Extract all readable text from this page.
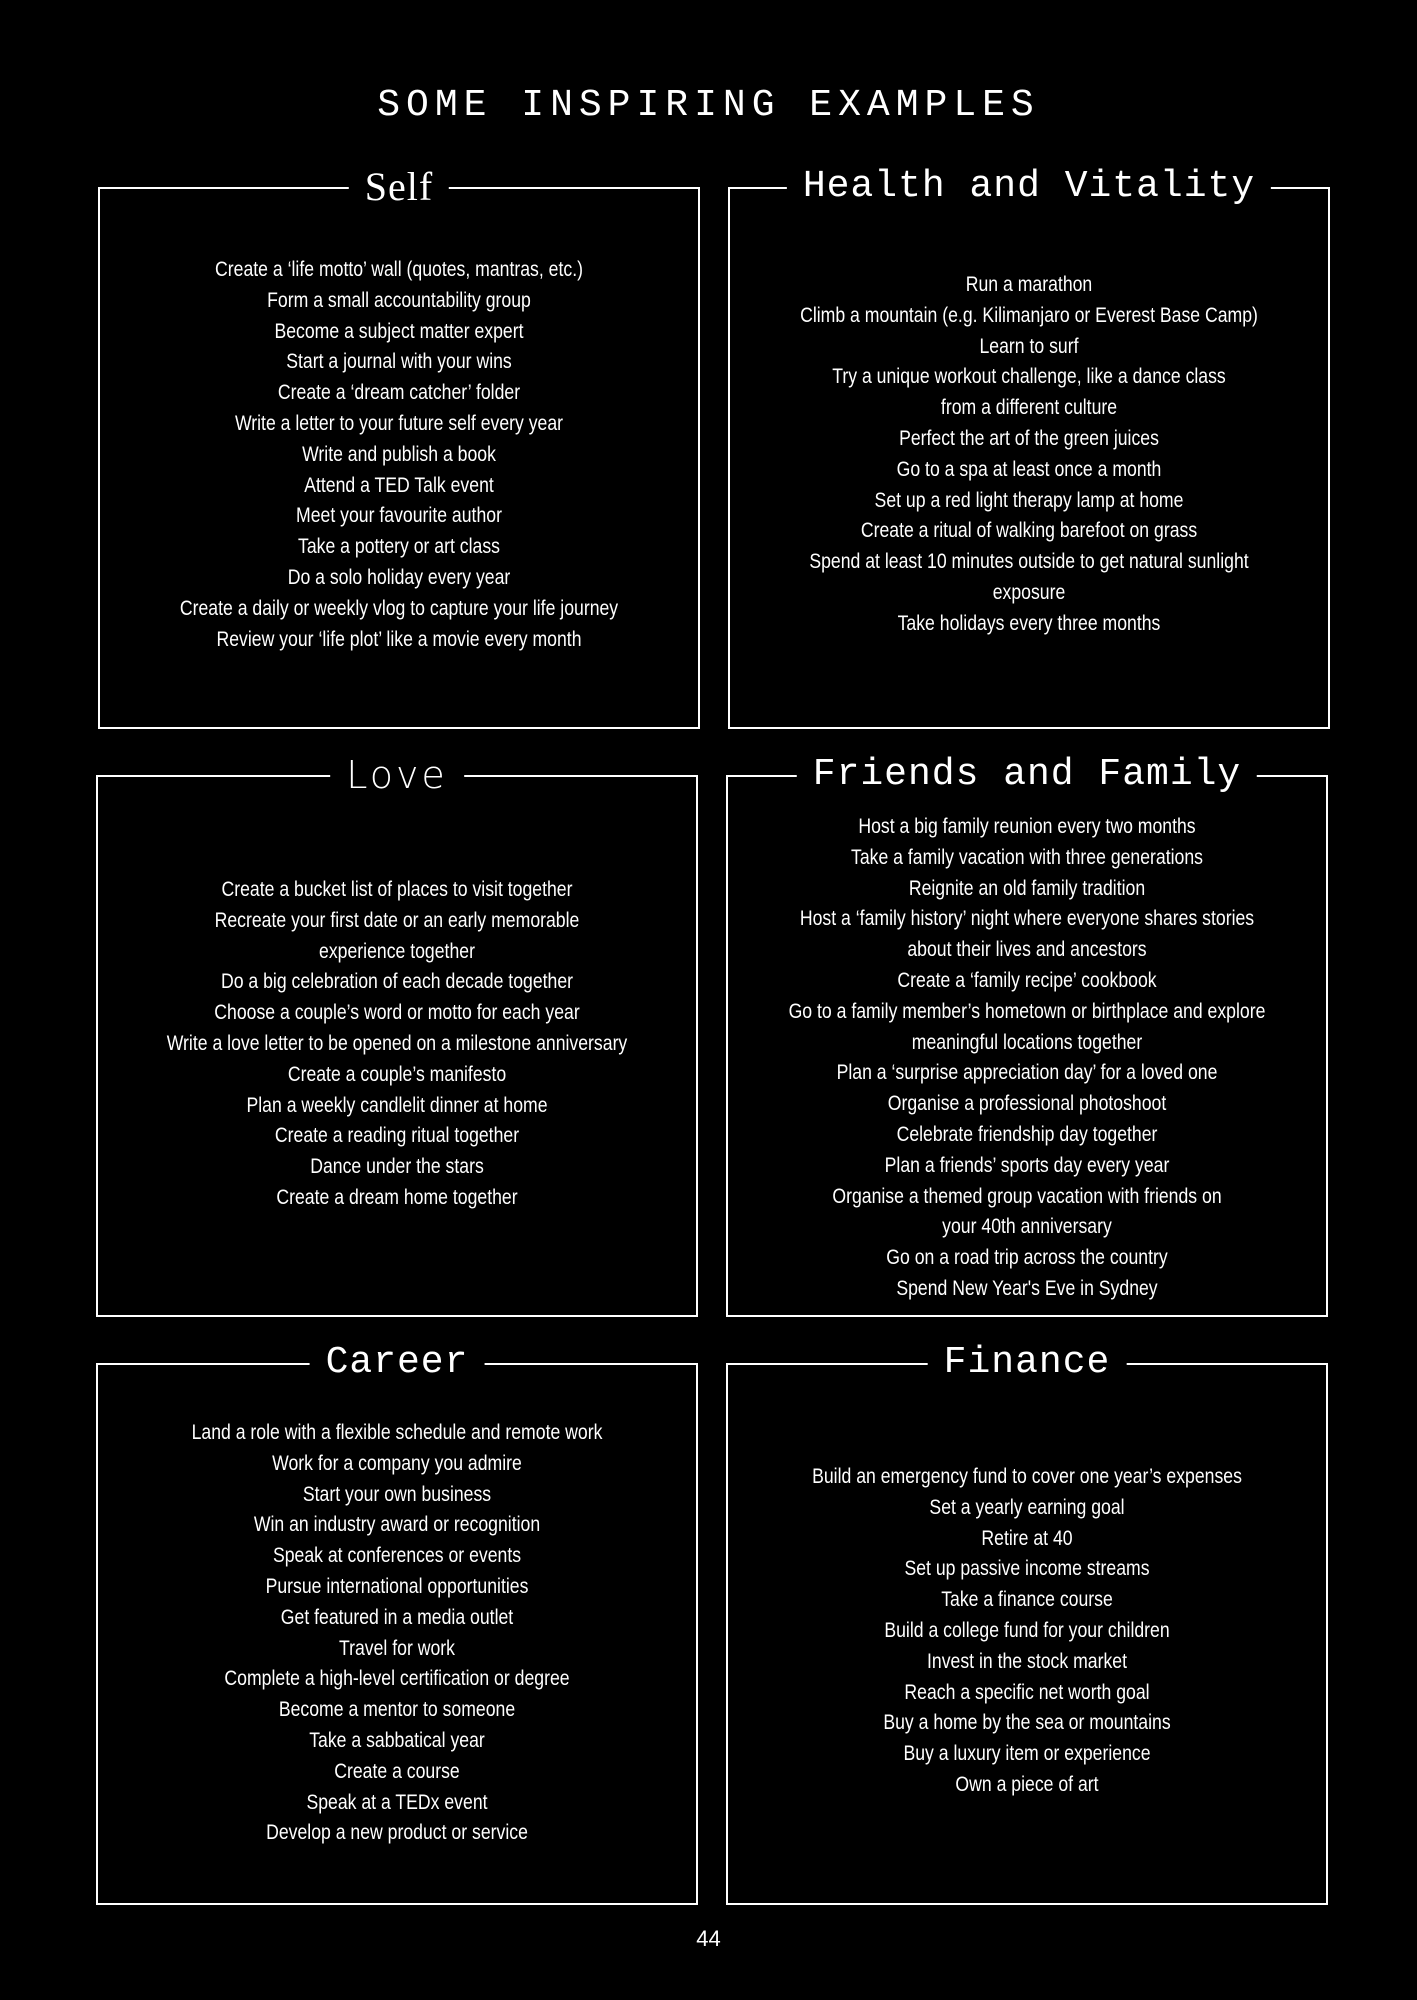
SOME INSPIRING EXAMPLES
Self
Create a ‘life motto’ wall (quotes, mantras, etc.)
Form a small accountability group
Become a subject matter expert
Start a journal with your wins
Create a ‘dream catcher’ folder
Write a letter to your future self every year
Write and publish a book
Attend a TED Talk event
Meet your favourite author
Take a pottery or art class
Do a solo holiday every year
Create a daily or weekly vlog to capture your life journey
Review your ‘life plot’ like a movie every month
Health and Vitality
Run a marathon
Climb a mountain (e.g. Kilimanjaro or Everest Base Camp)
Learn to surf
Try a unique workout challenge, like a dance class
from a different culture
Perfect the art of the green juices
Go to a spa at least once a month
Set up a red light therapy lamp at home
Create a ritual of walking barefoot on grass
Spend at least 10 minutes outside to get natural sunlight
exposure
Take holidays every three months
Love
Create a bucket list of places to visit together
Recreate your first date or an early memorable
experience together
Do a big celebration of each decade together
Choose a couple’s word or motto for each year
Write a love letter to be opened on a milestone anniversary
Create a couple’s manifesto
Plan a weekly candlelit dinner at home
Create a reading ritual together
Dance under the stars
Create a dream home together
Friends and Family
Host a big family reunion every two months
Take a family vacation with three generations
Reignite an old family tradition
Host a ‘family history’ night where everyone shares stories
about their lives and ancestors
Create a ‘family recipe’ cookbook
Go to a family member’s hometown or birthplace and explore
meaningful locations together
Plan a ‘surprise appreciation day’ for a loved one
Organise a professional photoshoot
Celebrate friendship day together
Plan a friends’ sports day every year
Organise a themed group vacation with friends on
your 40th anniversary
Go on a road trip across the country
Spend New Year's Eve in Sydney
Career
Land a role with a flexible schedule and remote work
Work for a company you admire
Start your own business
Win an industry award or recognition
Speak at conferences or events
Pursue international opportunities
Get featured in a media outlet
Travel for work
Complete a high-level certification or degree
Become a mentor to someone
Take a sabbatical year
Create a course
Speak at a TEDx event
Develop a new product or service
Finance
Build an emergency fund to cover one year’s expenses
Set a yearly earning goal
Retire at 40
Set up passive income streams
Take a finance course
Build a college fund for your children
Invest in the stock market
Reach a specific net worth goal
Buy a home by the sea or mountains
Buy a luxury item or experience
Own a piece of art
44
